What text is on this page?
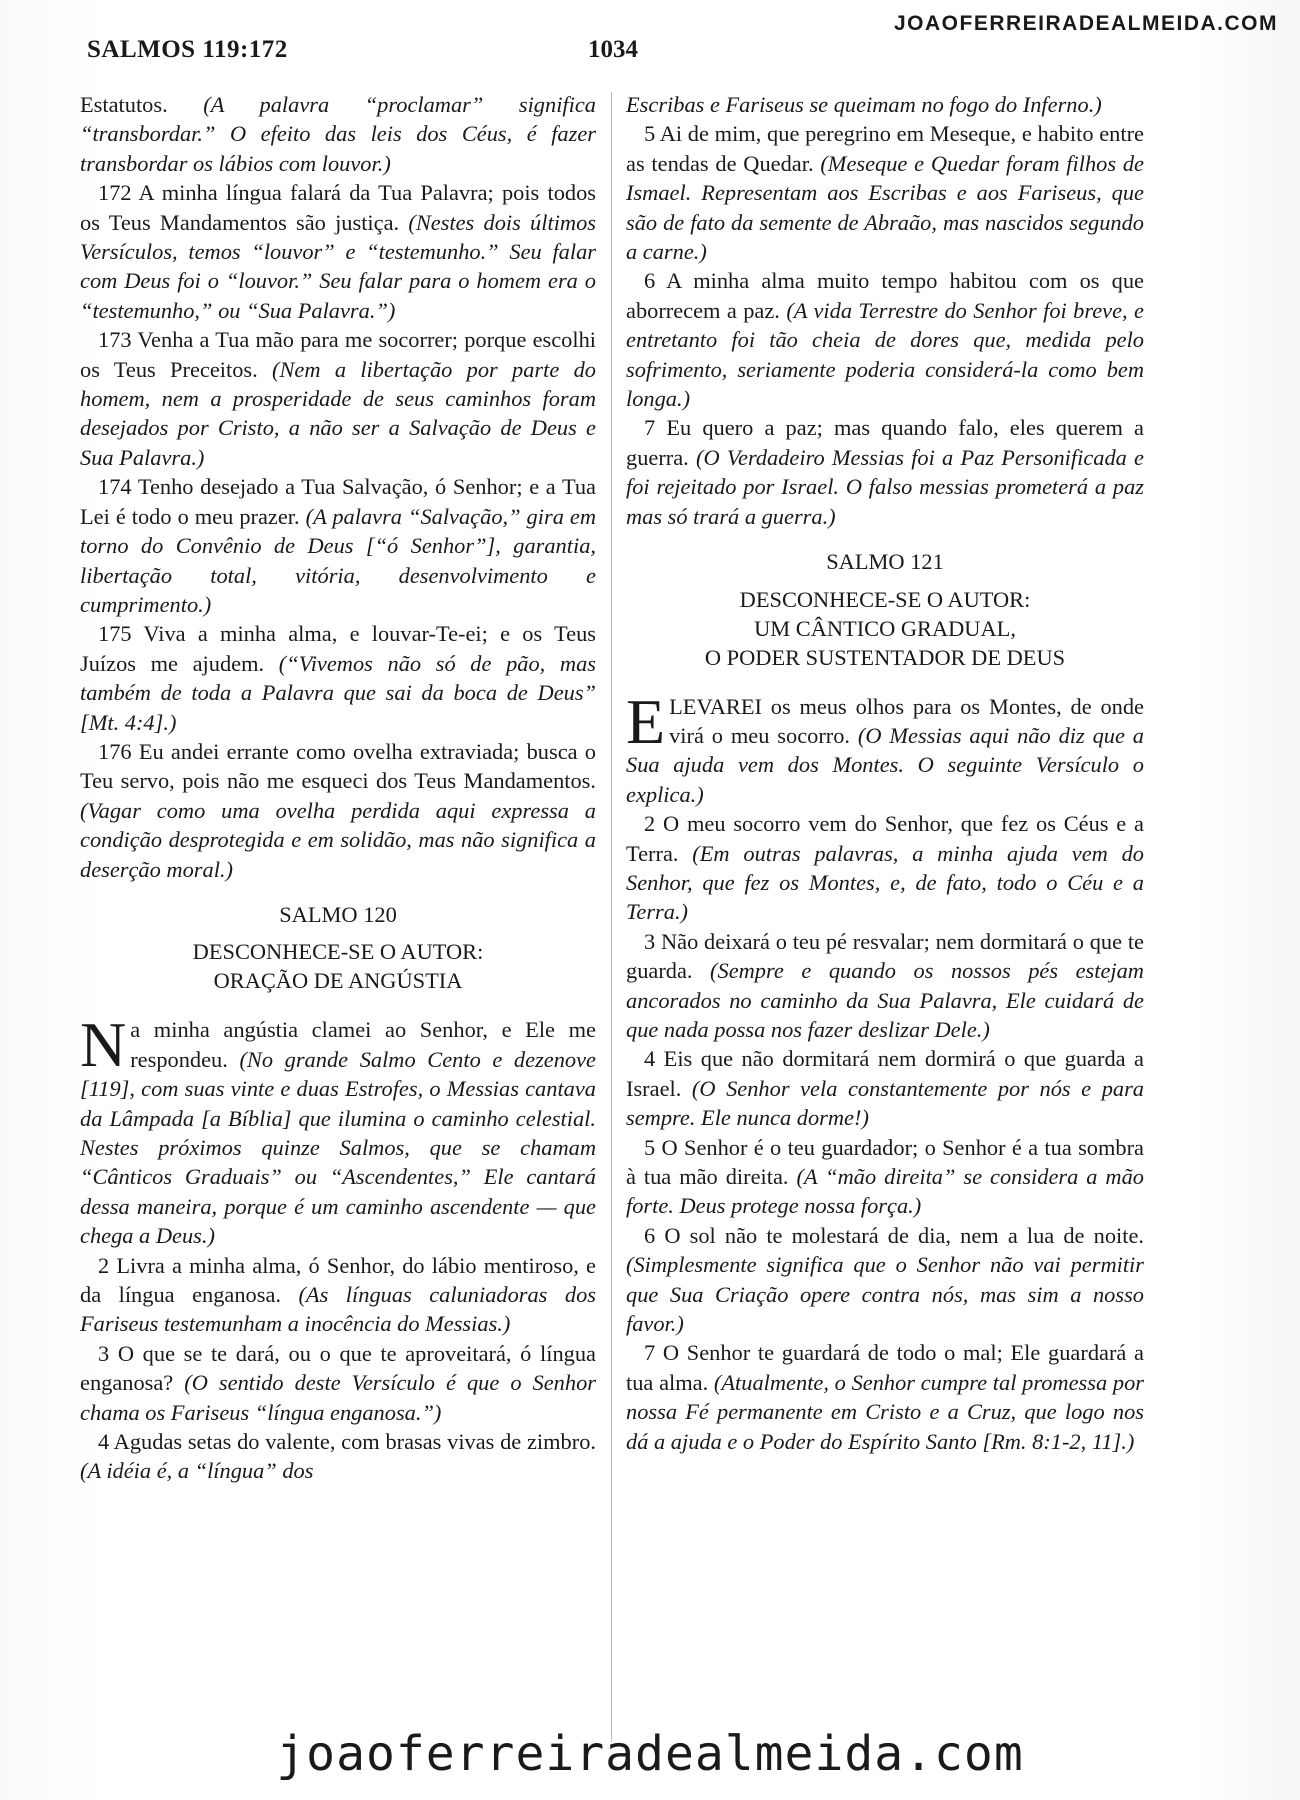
SALMOS 119:172	1034
JOAOFERREIRADEALMEIDA.COM

Estatutos. (A palavra “proclamar” significa “transbordar.” O efeito das leis dos Céus, é fazer transbordar os lábios com louvor.)

172 A minha língua falará da Tua Palavra; pois todos os Teus Mandamentos são justiça. (Nestes dois últimos Versículos, temos “louvor” e “testemunho.” Seu falar com Deus foi o “louvor.” Seu falar para o homem era o “testemunho,” ou “Sua Palavra.”)

173 Venha a Tua mão para me socorrer; porque escolhi os Teus Preceitos. (Nem a libertação por parte do homem, nem a prosperidade de seus caminhos foram desejados por Cristo, a não ser a Salvação de Deus e Sua Palavra.)

174 Tenho desejado a Tua Salvação, ó Senhor; e a Tua Lei é todo o meu prazer. (A palavra “Salvação,” gira em torno do Convênio de Deus [“ó Senhor”], garantia, libertação total, vitória, desenvolvimento e cumprimento.)

175 Viva a minha alma, e louvar-Te-ei; e os Teus Juízos me ajudem. (“Vivemos não só de pão, mas também de toda a Palavra que sai da boca de Deus” [Mt. 4:4].)

176 Eu andei errante como ovelha extraviada; busca o Teu servo, pois não me esqueci dos Teus Mandamentos. (Vagar como uma ovelha perdida aqui expressa a condição desprotegida e em solidão, mas não significa a deserção moral.)

SALMO 120
DESCONHECE-SE O AUTOR:
ORAÇÃO DE ANGÚSTIA

Na minha angústia clamei ao Senhor, e Ele me respondeu. (No grande Salmo Cento e dezenove [119], com suas vinte e duas Estrofes, o Messias cantava da Lâmpada [a Bíblia] que ilumina o caminho celestial. Nestes próximos quinze Salmos, que se chamam “Cânticos Graduais” ou “Ascendentes,” Ele cantará dessa maneira, porque é um caminho ascendente — que chega a Deus.)

2 Livra a minha alma, ó Senhor, do lábio mentiroso, e da língua enganosa. (As línguas caluniadoras dos Fariseus testemunham a inocência do Messias.)

3 O que se te dará, ou o que te aproveitará, ó língua enganosa? (O sentido deste Versículo é que o Senhor chama os Fariseus “língua enganosa.”)

4 Agudas setas do valente, com brasas vivas de zimbro. (A idéia é, a “língua” dos

Escribas e Fariseus se queimam no fogo do Inferno.)

5 Ai de mim, que peregrino em Meseque, e habito entre as tendas de Quedar. (Meseque e Quedar foram filhos de Ismael. Representam aos Escribas e aos Fariseus, que são de fato da semente de Abraão, mas nascidos segundo a carne.)

6 A minha alma muito tempo habitou com os que aborrecem a paz. (A vida Terrestre do Senhor foi breve, e entretanto foi tão cheia de dores que, medida pelo sofrimento, seriamente poderia considerá-la como bem longa.)

7 Eu quero a paz; mas quando falo, eles querem a guerra. (O Verdadeiro Messias foi a Paz Personificada e foi rejeitado por Israel. O falso messias prometerá a paz mas só trará a guerra.)

SALMO 121
DESCONHECE-SE O AUTOR:
UM CÂNTICO GRADUAL,
O PODER SUSTENTADOR DE DEUS

ELEVAREI os meus olhos para os Montes, de onde virá o meu socorro. (O Messias aqui não diz que a Sua ajuda vem dos Montes. O seguinte Versículo o explica.)

2 O meu socorro vem do Senhor, que fez os Céus e a Terra. (Em outras palavras, a minha ajuda vem do Senhor, que fez os Montes, e, de fato, todo o Céu e a Terra.)

3 Não deixará o teu pé resvalar; nem dormitará o que te guarda. (Sempre e quando os nossos pés estejam ancorados no caminho da Sua Palavra, Ele cuidará de que nada possa nos fazer deslizar Dele.)

4 Eis que não dormitará nem dormirá o que guarda a Israel. (O Senhor vela constantemente por nós e para sempre. Ele nunca dorme!)

5 O Senhor é o teu guardador; o Senhor é a tua sombra à tua mão direita. (A “mão direita” se considera a mão forte. Deus protege nossa força.)

6 O sol não te molestará de dia, nem a lua de noite. (Simplesmente significa que o Senhor não vai permitir que Sua Criação opere contra nós, mas sim a nosso favor.)

7 O Senhor te guardará de todo o mal; Ele guardará a tua alma. (Atualmente, o Senhor cumpre tal promessa por nossa Fé permanente em Cristo e a Cruz, que logo nos dá a ajuda e o Poder do Espírito Santo [Rm. 8:1-2, 11].)

joaoferreiradealmeida.com
